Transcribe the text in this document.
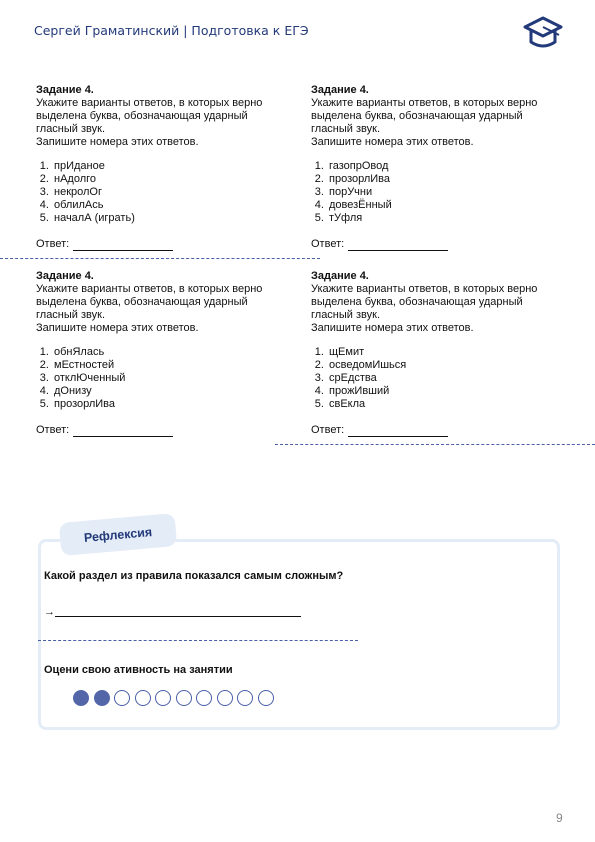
Сергей Граматинский | Подготовка к ЕГЭ
Задание 4.
Укажите варианты ответов, в которых верно выделена буква, обозначающая ударный гласный звук.
Запишите номера этих ответов.
1. прИданое
2. нАдолго
3. некролОг
4. облилАсь
5. началА (играть)
Ответ:
Задание 4.
Укажите варианты ответов, в которых верно выделена буква, обозначающая ударный гласный звук.
Запишите номера этих ответов.
1. газопрОвод
2. прозорлИва
3. порУчни
4. довезЁнный
5. тУфля
Ответ:
Задание 4.
Укажите варианты ответов, в которых верно выделена буква, обозначающая ударный гласный звук.
Запишите номера этих ответов.
1. обнЯлась
2. мЕстностей
3. отклЮченный
4. дОнизу
5. прозорлИва
Ответ:
Задание 4.
Укажите варианты ответов, в которых верно выделена буква, обозначающая ударный гласный звук.
Запишите номера этих ответов.
1. щЕмит
2. осведомИшься
3. срЕдства
4. прожИвший
5. свЕкла
Ответ:
Рефлексия
Какой раздел из правила показался самым сложным?
→
Оцени свою ативность на занятии
9
